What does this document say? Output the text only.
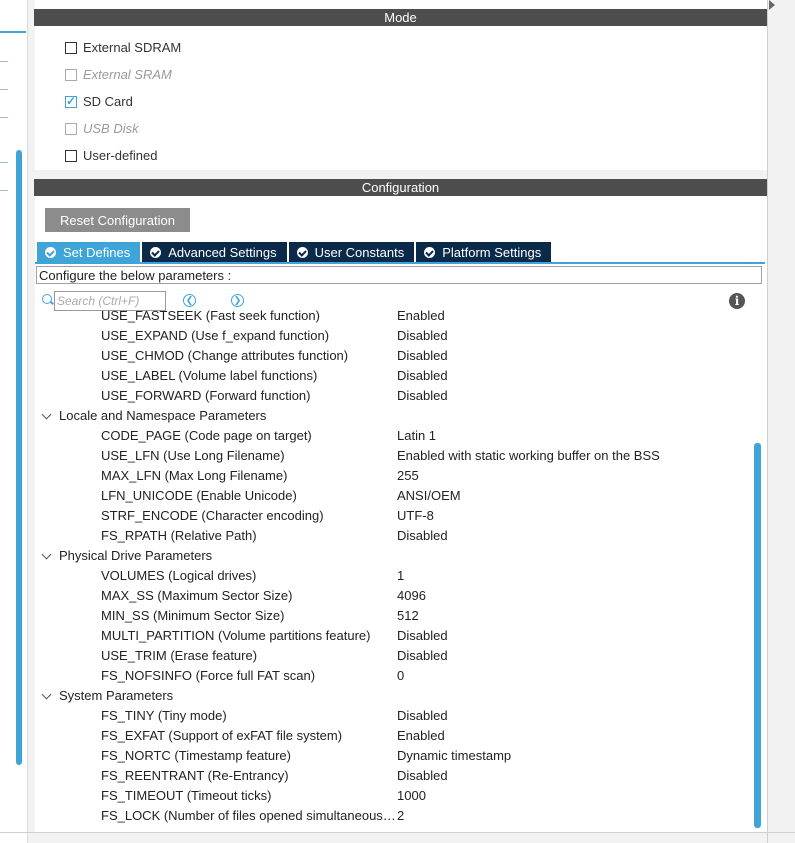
Mode
External SDRAM
External SRAM
✓
SD Card
USB Disk
User-defined
Configuration
Reset Configuration
Set Defines	Advanced Settings	User Constants	Platform Settings
Configure the below parameters :
Search (Ctrl+F)
❮	❯	i
USE_FASTSEEK (Fast seek function)	Enabled
USE_EXPAND (Use f_expand function)	Disabled
USE_CHMOD (Change attributes function)	Disabled
USE_LABEL (Volume label functions)	Disabled
USE_FORWARD (Forward function)	Disabled
Locale and Namespace Parameters
CODE_PAGE (Code page on target)	Latin 1
USE_LFN (Use Long Filename)	Enabled with static working buffer on the BSS
MAX_LFN (Max Long Filename)	255
LFN_UNICODE (Enable Unicode)	ANSI/OEM
STRF_ENCODE (Character encoding)	UTF-8
FS_RPATH (Relative Path)	Disabled
Physical Drive Parameters
VOLUMES (Logical drives)	1
MAX_SS (Maximum Sector Size)	4096
MIN_SS (Minimum Sector Size)	512
MULTI_PARTITION (Volume partitions feature) Disabled
USE_TRIM (Erase feature)	Disabled
FS_NOFSINFO (Force full FAT scan)	0
System Parameters
FS_TINY (Tiny mode)	Disabled
FS_EXFAT (Support of exFAT file system)	Enabled
FS_NORTC (Timestamp feature)	Dynamic timestamp
FS_REENTRANT (Re-Entrancy)	Disabled
FS_TIMEOUT (Timeout ticks)	1000
FS_LOCK (Number of files opened simultaneous… 2
